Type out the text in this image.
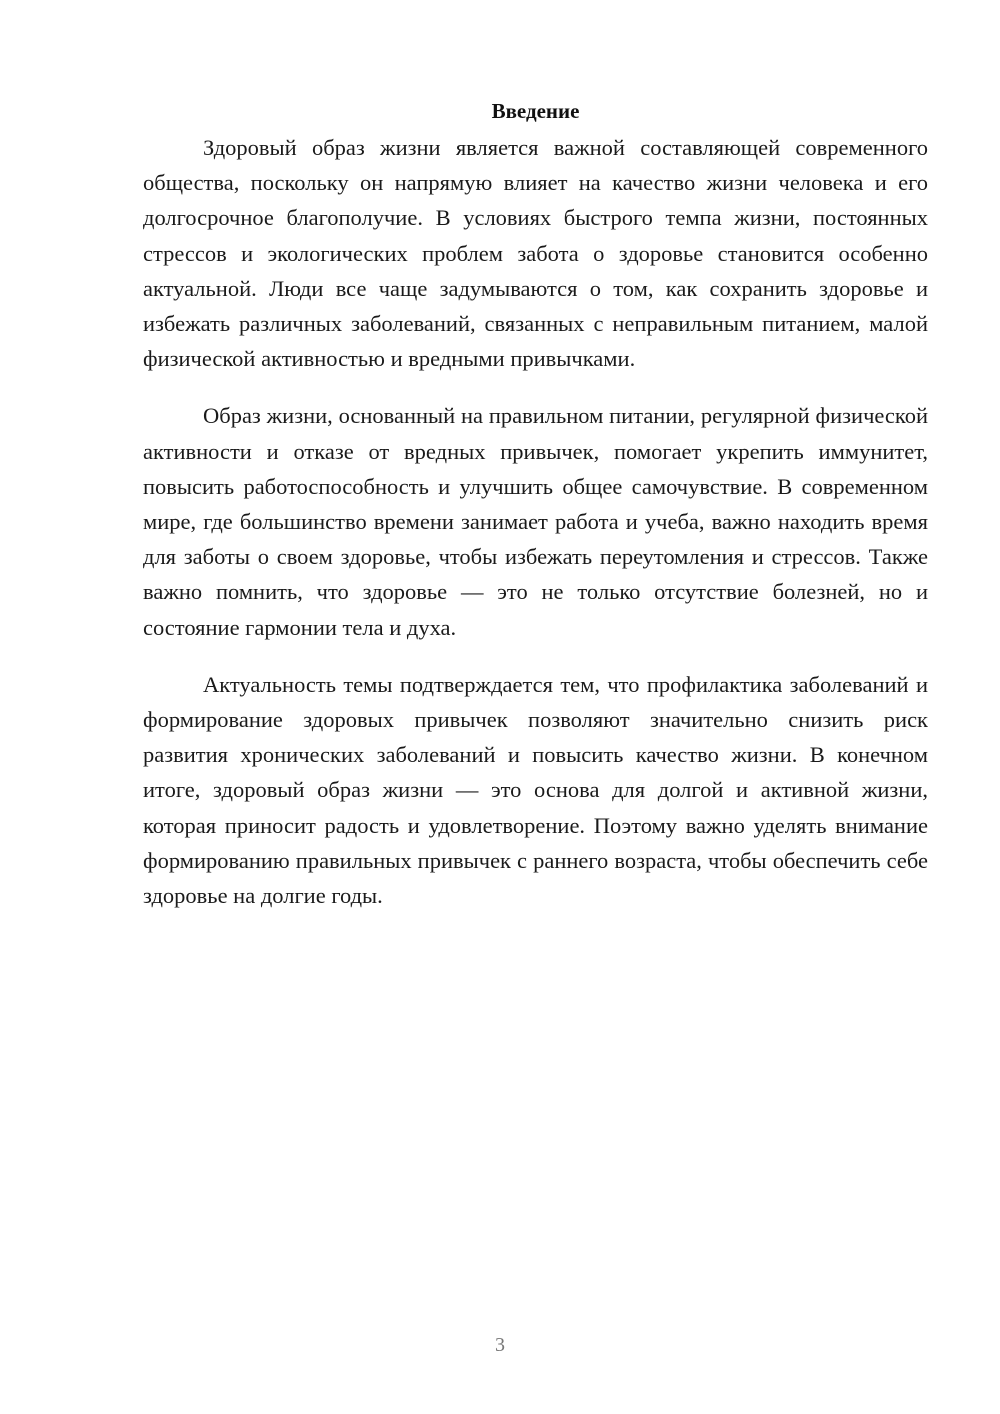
Введение

Здоровый образ жизни является важной составляющей современного общества, поскольку он напрямую влияет на качество жизни человека и его долгосрочное благополучие. В условиях быстрого темпа жизни, постоянных стрессов и экологических проблем забота о здоровье становится особенно актуальной. Люди все чаще задумываются о том, как сохранить здоровье и избежать различных заболеваний, связанных с неправильным питанием, малой физической активностью и вредными привычками.

Образ жизни, основанный на правильном питании, регулярной физической активности и отказе от вредных привычек, помогает укрепить иммунитет, повысить работоспособность и улучшить общее самочувствие. В современном мире, где большинство времени занимает работа и учеба, важно находить время для заботы о своем здоровье, чтобы избежать переутомления и стрессов. Также важно помнить, что здоровье — это не только отсутствие болезней, но и состояние гармонии тела и духа.

Актуальность темы подтверждается тем, что профилактика заболеваний и формирование здоровых привычек позволяют значительно снизить риск развития хронических заболеваний и повысить качество жизни. В конечном итоге, здоровый образ жизни — это основа для долгой и активной жизни, которая приносит радость и удовлетворение. Поэтому важно уделять внимание формированию правильных привычек с раннего возраста, чтобы обеспечить себе здоровье на долгие годы.

3
